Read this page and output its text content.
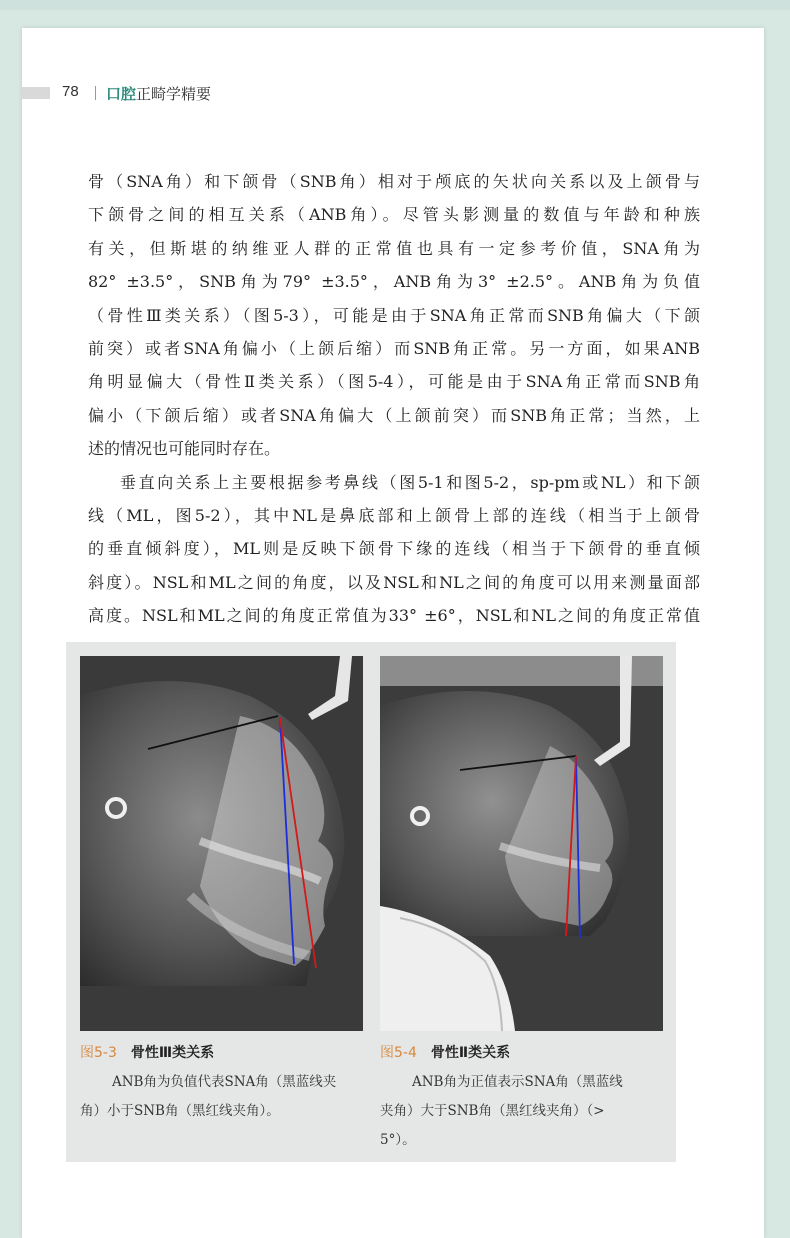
78 口腔正畸学精要

骨（SNA角）和下颌骨（SNB角）相对于颅底的矢状向关系以及上颌骨与

下颌骨之间的相互关系（ANB角）。尽管头影测量的数值与年龄和种族

有关，但斯堪的纳维亚人群的正常值也具有一定参考价值，SNA角为

82° ±3.5°，SNB角为79° ±3.5°，ANB角为3° ±2.5°。ANB角为负值

（骨性Ⅲ类关系）（图5-3），可能是由于SNA角正常而SNB角偏大（下颌

前突）或者SNA角偏小（上颌后缩）而SNB角正常。另一方面，如果ANB

角明显偏大（骨性Ⅱ类关系）（图5-4），可能是由于SNA角正常而SNB角

偏小（下颌后缩）或者SNA角偏大（上颌前突）而SNB角正常；当然，上

述的情况也可能同时存在。

垂直向关系上主要根据参考鼻线（图5-1和图5-2，sp-pm或NL）和下颌

线（ML，图5-2），其中NL是鼻底部和上颌骨上部的连线（相当于上颌骨

的垂直倾斜度），ML则是反映下颌骨下缘的连线（相当于下颌骨的垂直倾

斜度）。NSL和ML之间的角度，以及NSL和NL之间的角度可以用来测量面部

高度。NSL和ML之间的角度正常值为33° ±6°，NSL和NL之间的角度正常值

图5-3 骨性Ⅲ类关系
ANB角为负值代表SNA角（黑蓝线夹
角）小于SNB角（黑红线夹角）。
图5-4 骨性Ⅱ类关系
ANB角为正值表示SNA角（黑蓝线
夹角）大于SNB角（黑红线夹角）（>
5°）。
